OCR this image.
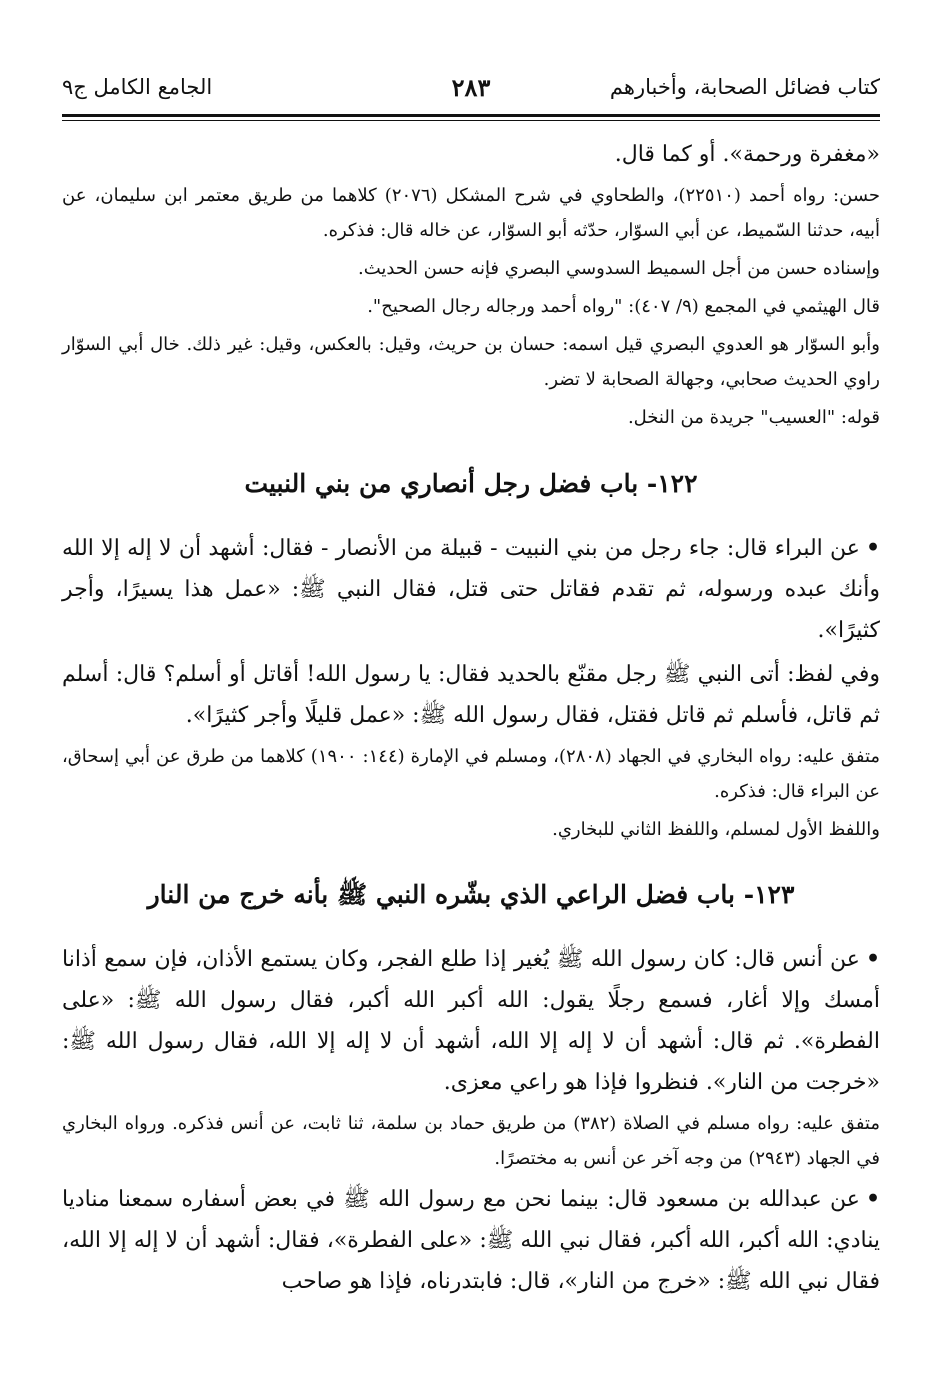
كتاب فضائل الصحابة، وأخبارهم
٢٨٣
الجامع الكامل ج٩

«مغفرة ورحمة». أو كما قال.

حسن: رواه أحمد (٢٢٥١٠)، والطحاوي في شرح المشكل (٢٠٧٦) كلاهما من طريق معتمر ابن سليمان، عن أبيه، حدثنا السّميط، عن أبي السوّار، حدّثه أبو السوّار، عن خاله قال: فذكره.

وإسناده حسن من أجل السميط السدوسي البصري فإنه حسن الحديث.

قال الهيثمي في المجمع (٩/ ٤٠٧): "رواه أحمد ورجاله رجال الصحيح".

وأبو السوّار هو العدوي البصري قيل اسمه: حسان بن حريث، وقيل: بالعكس، وقيل: غير ذلك. خال أبي السوّار راوي الحديث صحابي، وجهالة الصحابة لا تضر.

قوله: "العسيب" جريدة من النخل.

١٢٢- باب فضل رجل أنصاري من بني النبيت

•عن البراء قال: جاء رجل من بني النبيت - قبيلة من الأنصار - فقال: أشهد أن لا إله إلا الله وأنك عبده ورسوله، ثم تقدم فقاتل حتى قتل، فقال النبي ﷺ: «عمل هذا يسيرًا، وأجر كثيرًا».

وفي لفظ: أتى النبي ﷺ رجل مقنّع بالحديد فقال: يا رسول الله! أقاتل أو أسلم؟ قال: أسلم ثم قاتل، فأسلم ثم قاتل فقتل، فقال رسول الله ﷺ: «عمل قليلًا وأجر كثيرًا».

متفق عليه: رواه البخاري في الجهاد (٢٨٠٨)، ومسلم في الإمارة (١٤٤: ١٩٠٠) كلاهما من طرق عن أبي إسحاق، عن البراء قال: فذكره.

واللفظ الأول لمسلم، واللفظ الثاني للبخاري.

١٢٣- باب فضل الراعي الذي بشّره النبي ﷺ بأنه خرج من النار

•عن أنس قال: كان رسول الله ﷺ يُغير إذا طلع الفجر، وكان يستمع الأذان، فإن سمع أذانا أمسك وإلا أغار، فسمع رجلًا يقول: الله أكبر الله أكبر، فقال رسول الله ﷺ: «على الفطرة». ثم قال: أشهد أن لا إله إلا الله، أشهد أن لا إله إلا الله، فقال رسول الله ﷺ: «خرجت من النار». فنظروا فإذا هو راعي معزى.

متفق عليه: رواه مسلم في الصلاة (٣٨٢) من طريق حماد بن سلمة، ثنا ثابت، عن أنس فذكره. ورواه البخاري في الجهاد (٢٩٤٣) من وجه آخر عن أنس به مختصرًا.

•عن عبدالله بن مسعود قال: بينما نحن مع رسول الله ﷺ في بعض أسفاره سمعنا مناديا ينادي: الله أكبر، الله أكبر، فقال نبي الله ﷺ: «على الفطرة»، فقال: أشهد أن لا إله إلا الله، فقال نبي الله ﷺ: «خرج من النار»، قال: فابتدرناه، فإذا هو صاحب
